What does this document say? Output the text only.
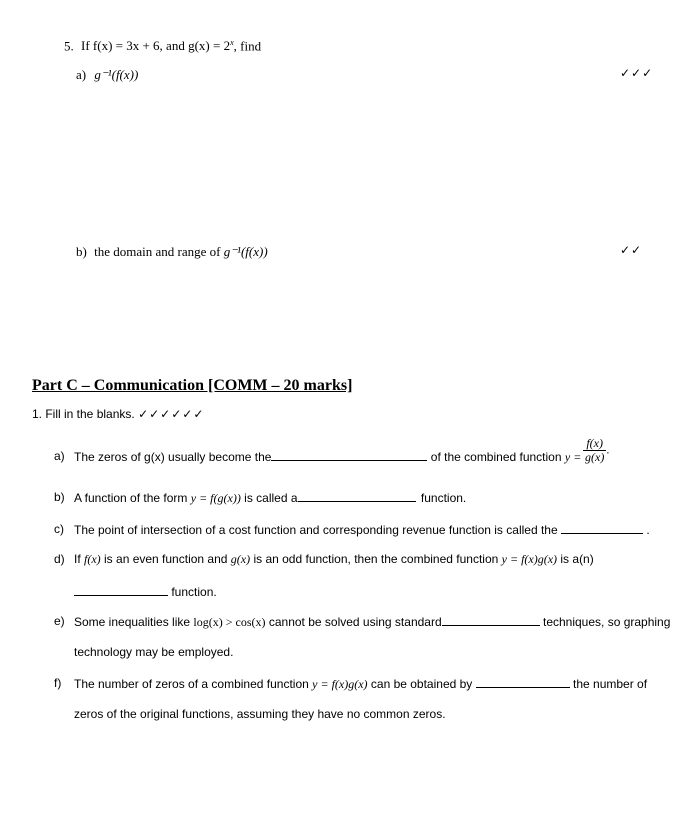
5. If f(x) = 3x + 6, and $g(x) = 2^x$, find
a) g⁻¹(f(x))	✓✓✓
b) the domain and range of g⁻¹(f(x))	✓✓
Part C – Communication [COMM – 20 marks]
1. Fill in the blanks. ✓✓✓✓✓✓
a) The zeros of g(x) usually become the	of the combined function $y = \frac{f(x)}{g(x)}$ .
b) A function of the form y = f(g(x)) is called a	function.
c) The point of intersection of a cost function and corresponding revenue function is called the	.
d) If f(x) is an even function and g(x) is an odd function, then the combined function y = f(x)g(x) is a(n)
function.
e) Some inequalities like log(x) > cos(x) cannot be solved using standard	techniques, so graphing
technology may be employed.
f) The number of zeros of a combined function y = f(x)g(x) can be obtained by	the number of
zeros of the original functions, assuming they have no common zeros.
